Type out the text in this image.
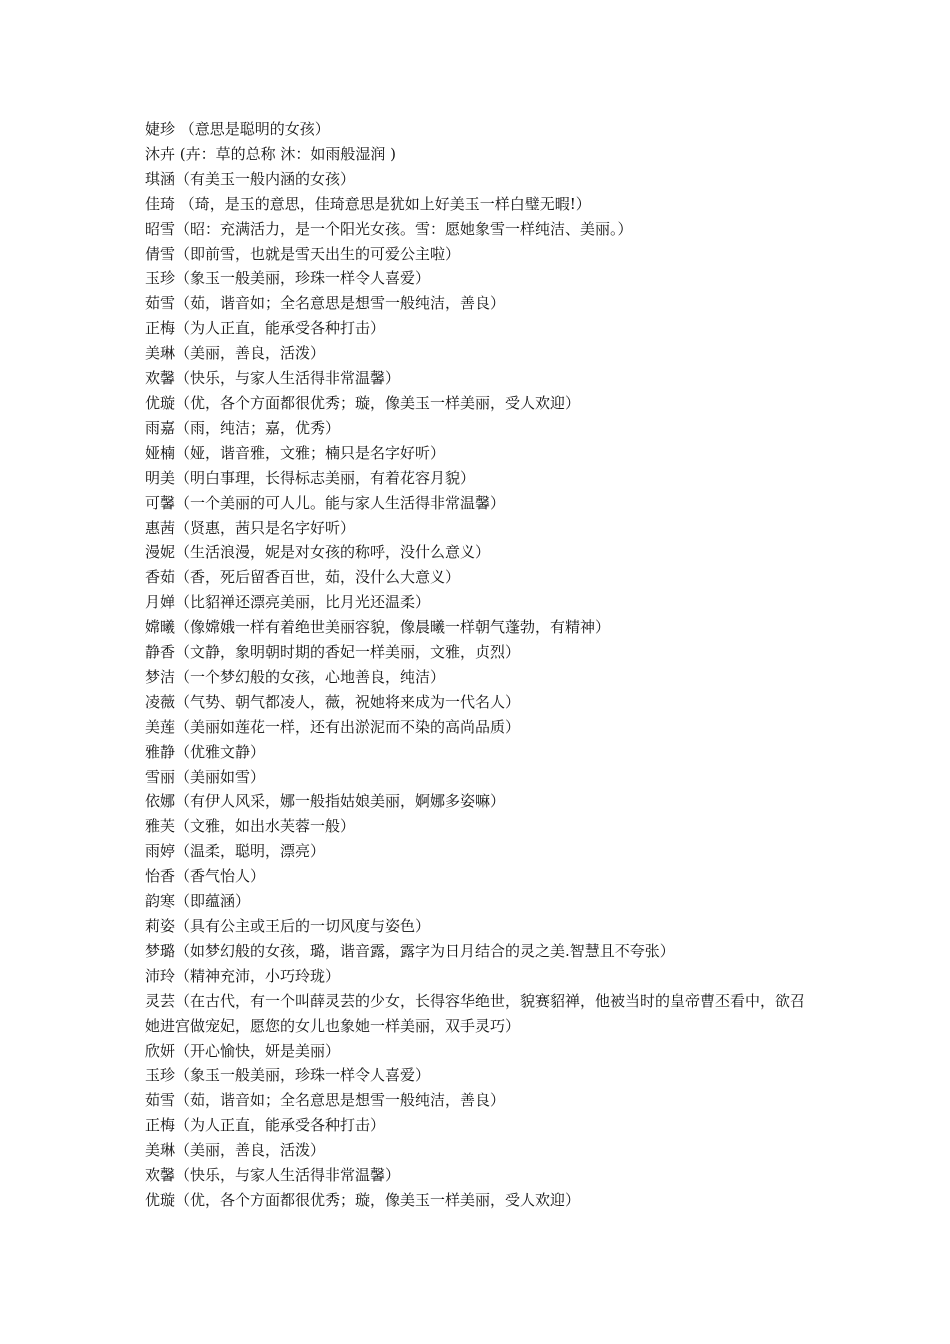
婕珍 （意思是聪明的女孩）

沐卉 (卉：草的总称 沐：如雨般湿润 )

琪涵（有美玉一般内涵的女孩）

佳琦 （琦，是玉的意思，佳琦意思是犹如上好美玉一样白璧无暇!）

昭雪（昭：充满活力，是一个阳光女孩。雪：愿她象雪一样纯洁、美丽。）

倩雪（即前雪，也就是雪天出生的可爱公主啦）

玉珍（象玉一般美丽，珍珠一样令人喜爱）

茹雪（茹，谐音如；全名意思是想雪一般纯洁，善良）

正梅（为人正直，能承受各种打击）

美琳（美丽，善良，活泼）

欢馨（快乐，与家人生活得非常温馨）

优璇（优，各个方面都很优秀；璇，像美玉一样美丽，受人欢迎）

雨嘉（雨，纯洁；嘉，优秀）

娅楠（娅，谐音雅，文雅；楠只是名字好听）

明美（明白事理，长得标志美丽，有着花容月貌）

可馨（一个美丽的可人儿。能与家人生活得非常温馨）

惠茜（贤惠，茜只是名字好听）

漫妮（生活浪漫，妮是对女孩的称呼，没什么意义）

香茹（香，死后留香百世，茹，没什么大意义）

月婵（比貂禅还漂亮美丽，比月光还温柔）

嫦曦（像嫦娥一样有着绝世美丽容貌，像晨曦一样朝气蓬勃，有精神）

静香（文静，象明朝时期的香妃一样美丽，文雅，贞烈）

梦洁（一个梦幻般的女孩，心地善良，纯洁）

凌薇（气势、朝气都凌人，薇，祝她将来成为一代名人）

美莲（美丽如莲花一样，还有出淤泥而不染的高尚品质）

雅静（优雅文静）

雪丽（美丽如雪）

依娜（有伊人风采，娜一般指姑娘美丽，婀娜多姿嘛）

雅芙（文雅，如出水芙蓉一般）

雨婷（温柔，聪明，漂亮）

怡香（香气怡人）

韵寒（即蕴涵）

莉姿（具有公主或王后的一切风度与姿色）

梦璐（如梦幻般的女孩，璐，谐音露，露字为日月结合的灵之美.智慧且不夸张）

沛玲（精神充沛，小巧玲珑）

灵芸（在古代，有一个叫薛灵芸的少女，长得容华绝世，貌赛貂禅，他被当时的皇帝曹丕看中，欲召她进宫做宠妃，愿您的女儿也象她一样美丽，双手灵巧）

欣妍（开心愉快，妍是美丽）

玉珍（象玉一般美丽，珍珠一样令人喜爱）

茹雪（茹，谐音如；全名意思是想雪一般纯洁，善良）

正梅（为人正直，能承受各种打击）

美琳（美丽，善良，活泼）

欢馨（快乐，与家人生活得非常温馨）

优璇（优，各个方面都很优秀；璇，像美玉一样美丽，受人欢迎）
